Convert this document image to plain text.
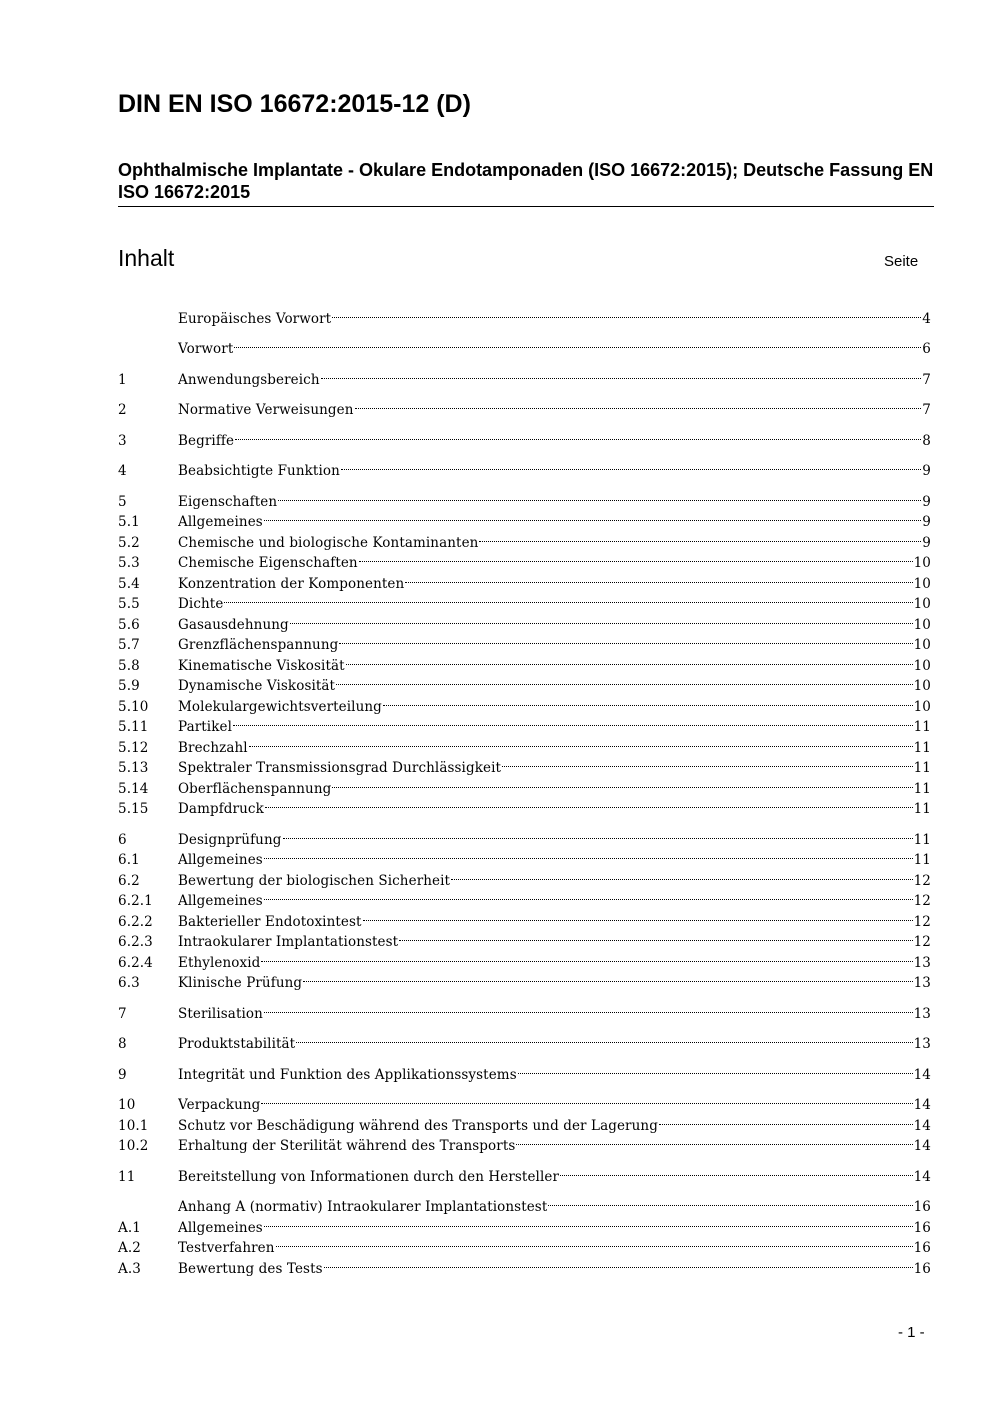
DIN EN ISO 16672:2015-12 (D)
Ophthalmische Implantate - Okulare Endotamponaden (ISO 16672:2015); Deutsche Fassung EN ISO 16672:2015
Inhalt	Seite
Europäisches Vorwort	4
Vorwort	6
1	Anwendungsbereich	7
2	Normative Verweisungen	7
3	Begriffe	8
4	Beabsichtigte Funktion	9
5	Eigenschaften	9
5.1	Allgemeines	9
5.2	Chemische und biologische Kontaminanten	9
5.3	Chemische Eigenschaften	10
5.4	Konzentration der Komponenten	10
5.5	Dichte	10
5.6	Gasausdehnung	10
5.7	Grenzflächenspannung	10
5.8	Kinematische Viskosität	10
5.9	Dynamische Viskosität	10
5.10	Molekulargewichtsverteilung	10
5.11	Partikel	11
5.12	Brechzahl	11
5.13	Spektraler Transmissionsgrad Durchlässigkeit	11
5.14	Oberflächenspannung	11
5.15	Dampfdruck	11
6	Designprüfung	11
6.1	Allgemeines	11
6.2	Bewertung der biologischen Sicherheit	12
6.2.1	Allgemeines	12
6.2.2	Bakterieller Endotoxintest	12
6.2.3	Intraokularer Implantationstest	12
6.2.4	Ethylenoxid	13
6.3	Klinische Prüfung	13
7	Sterilisation	13
8	Produktstabilität	13
9	Integrität und Funktion des Applikationssystems	14
10	Verpackung	14
10.1	Schutz vor Beschädigung während des Transports und der Lagerung	14
10.2	Erhaltung der Sterilität während des Transports	14
11	Bereitstellung von Informationen durch den Hersteller	14
Anhang A (normativ) Intraokularer Implantationstest	16
A.1	Allgemeines	16
A.2	Testverfahren	16
A.3	Bewertung des Tests	16
- 1 -
